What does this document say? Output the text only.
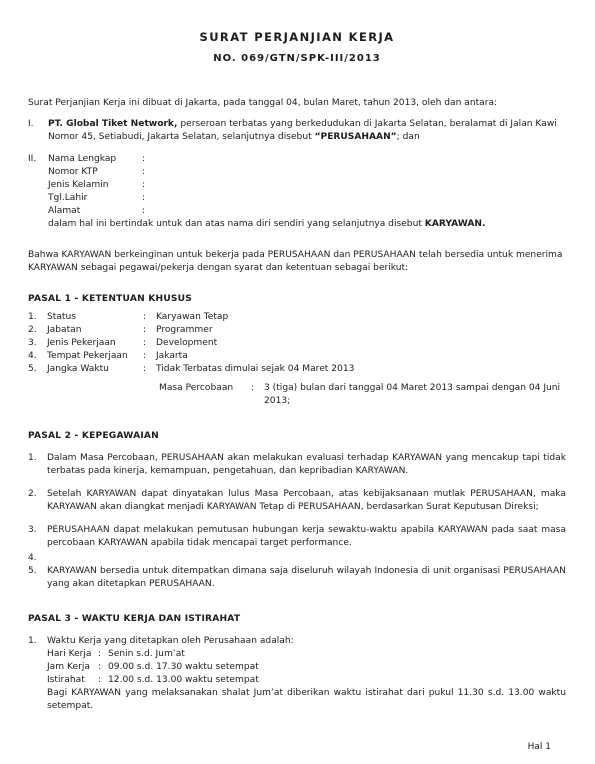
SURAT PERJANJIAN KERJA
NO. 069/GTN/SPK-III/2013

Surat Perjanjian Kerja ini dibuat di Jakarta, pada tanggal 04, bulan Maret, tahun 2013, oleh dan antara:

I.	PT. Global Tiket Network, perseroan terbatas yang berkedudukan di Jakarta Selatan, beralamat di Jalan Kawi Nomor 45, Setiabudi, Jakarta Selatan, selanjutnya disebut “PERUSAHAAN”; dan
II.	Nama Lengkap	:
Nomor KTP	:
Jenis Kelamin	:
Tgl.Lahir	:
Alamat	:
dalam hal ini bertindak untuk dan atas nama diri sendiri yang selanjutnya disebut KARYAWAN.

Bahwa KARYAWAN berkeinginan untuk bekerja pada PERUSAHAAN dan PERUSAHAAN telah bersedia untuk menerima KARYAWAN sebagai pegawai/pekerja dengan syarat dan ketentuan sebagai berikut:

PASAL 1 - KETENTUAN KHUSUS
1.	Status	:	Karyawan Tetap
2.	Jabatan	:	Programmer
3.	Jenis Pekerjaan	:	Development
4.	Tempat Pekerjaan	:	Jakarta
5.	Jangka Waktu	:	Tidak Terbatas dimulai sejak 04 Maret 2013
Masa Percobaan	:	3 (tiga) bulan dari tanggal 04 Maret 2013 sampai dengan 04 Juni 2013;
PASAL 2 - KEPEGAWAIAN
1.	Dalam Masa Percobaan, PERUSAHAAN akan melakukan evaluasi terhadap KARYAWAN yang mencakup tapi tidak terbatas pada kinerja, kemampuan, pengetahuan, dan kepribadian KARYAWAN.
2.	Setelah KARYAWAN dapat dinyatakan lulus Masa Percobaan, atas kebijaksanaan mutlak PERUSAHAAN, maka KARYAWAN akan diangkat menjadi KARYAWAN Tetap di PERUSAHAAN, berdasarkan Surat Keputusan Direksi;
3.	PERUSAHAAN dapat melakukan pemutusan hubungan kerja sewaktu-waktu apabila KARYAWAN pada saat masa percobaan KARYAWAN apabila tidak mencapai target performance.
4.
5.	KARYAWAN bersedia untuk ditempatkan dimana saja diseluruh wilayah Indonesia di unit organisasi PERUSAHAAN yang akan ditetapkan PERUSAHAAN.
PASAL 3 - WAKTU KERJA DAN ISTIRAHAT
1.	Waktu Kerja yang ditetapkan oleh Perusahaan adalah:
Hari Kerja : Senin s.d. Jum’at
Jam Kerja : 09.00 s.d. 17.30 waktu setempat
Istirahat	: 12.00 s.d. 13.00 waktu setempat
Bagi KARYAWAN yang melaksanakan shalat Jum’at diberikan waktu istirahat dari pukul 11.30 s.d. 13.00 waktu setempat.
Hal 1
